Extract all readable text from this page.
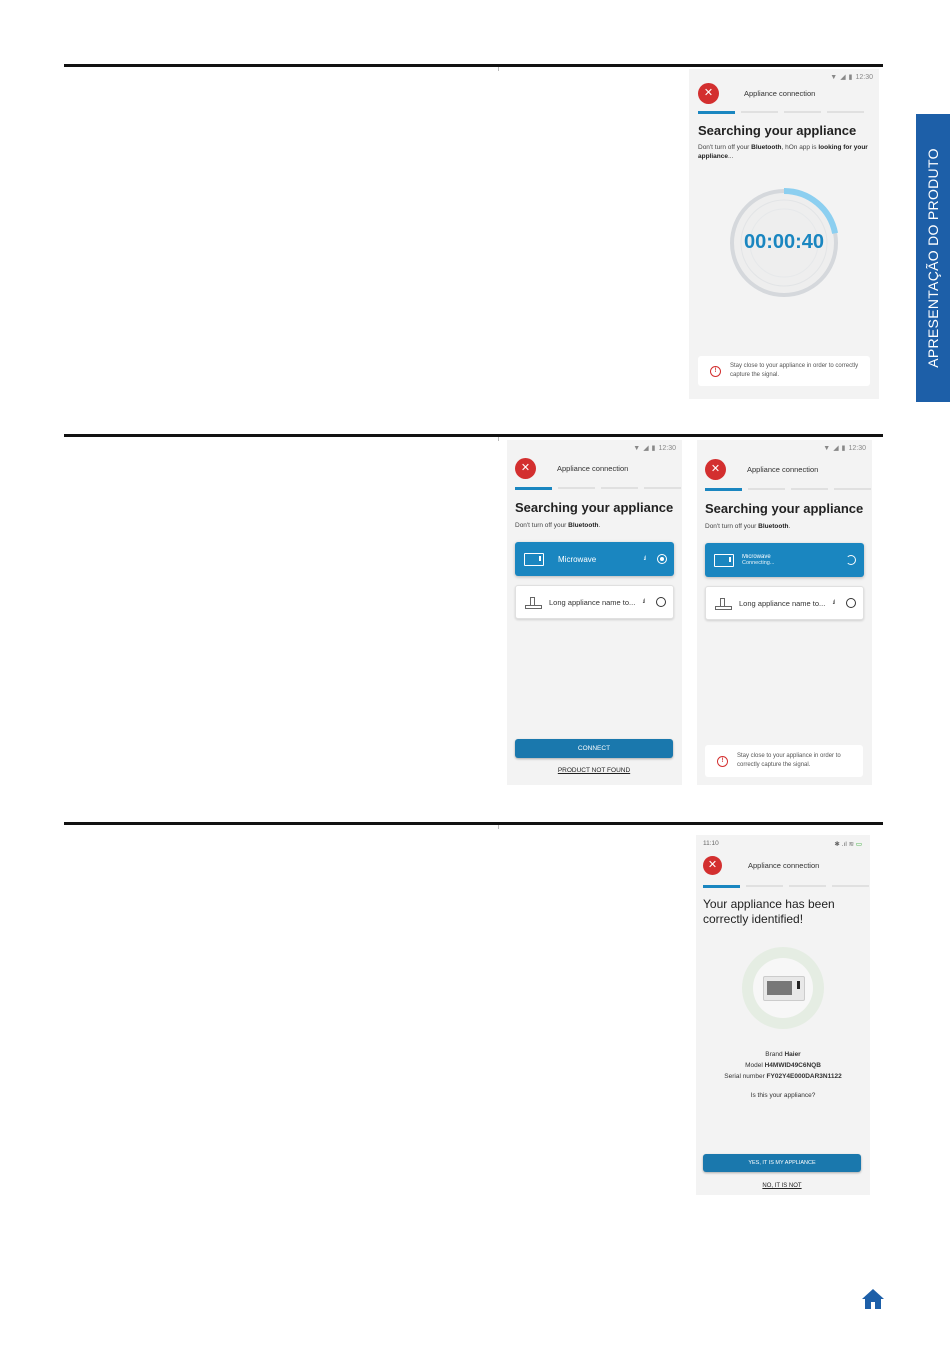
APRESENTAÇÃO DO PRODUTO
▼ ◢ ▮ 12:30
✕	Appliance connection
Searching your appliance
Don't turn off your Bluetooth, hOn app is looking for your appliance...
00:00:40
!
Stay close to your appliance in order to correctly capture the signal.
▼ ◢ ▮ 12:30
✕	Appliance connection
Searching your appliance
Don't turn off your Bluetooth.
Microwave	.ıl
Long appliance name to...	.ıl
CONNECT
PRODUCT NOT FOUND
▼ ◢ ▮ 12:30
✕	Appliance connection
Searching your appliance
Don't turn off your Bluetooth.
Microwave
Connecting...
Long appliance name to...	.ıl
!
Stay close to your appliance in order to correctly capture the signal.
11:10	✱ .ıl ≋ ▭
✕	Appliance connection
Your appliance has been
correctly identified!
Brand Haier
Model H4MWID49C6NQB
Serial number FY02Y4E000DAR3N1122
Is this your appliance?
YES, IT IS MY APPLIANCE
NO, IT IS NOT
